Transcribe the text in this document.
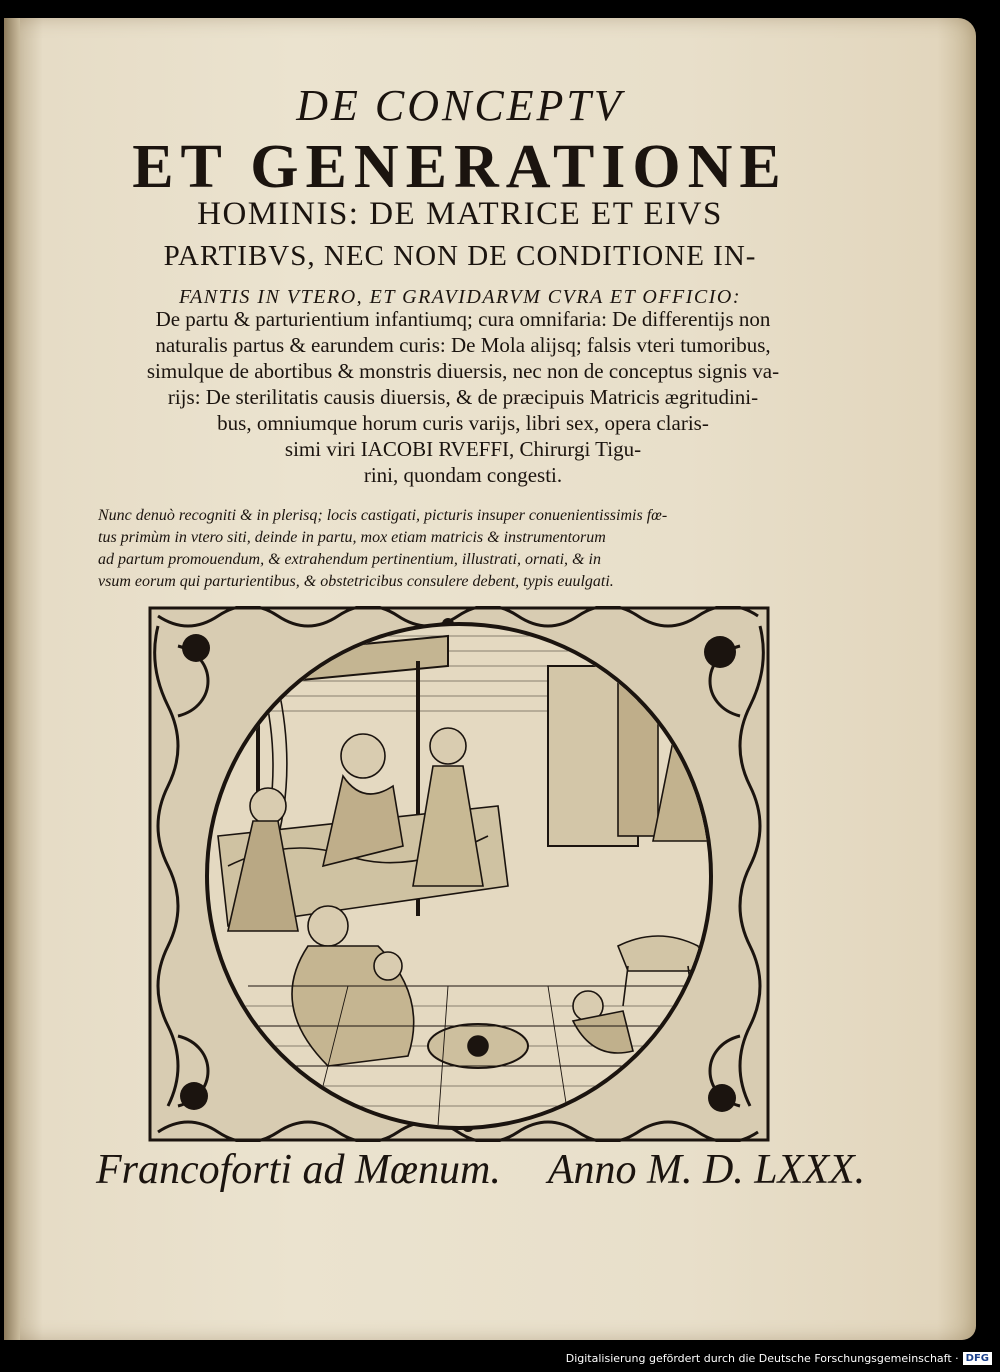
DE CONCEPTV
ET GENERATIONE
HOMINIS: DE MATRICE ET EIVS
PARTIBVS, NEC NON DE CONDITIONE IN-
FANTIS IN VTERO, ET GRAVIDARVM CVRA ET OFFICIO:
De partu & parturientium infantiumq; cura omnifaria: De differentijs non
naturalis partus & earundem curis: De Mola alijsq; falsis vteri tumoribus,
simulque de abortibus & monstris diuersis, nec non de conceptus signis va-
rijs: De sterilitatis causis diuersis, & de præcipuis Matricis ægritudini-
bus, omniumque horum curis varijs, libri sex, opera claris-
simi viri IACOBI RVEFFI, Chirurgi Tigu-
rini, quondam congesti.
Nunc denuò recogniti & in plerisq; locis castigati, picturis insuper conuenientissimis fœ-
tus primùm in vtero siti, deinde in partu, mox etiam matricis & instrumentorum
ad partum promouendum, & extrahendum pertinentium, illustrati, ornati, & in
vsum eorum qui parturientibus, & obstetricibus consulere debent, typis euulgati.
Francoforti ad Mœnum. Anno M. D. LXXX.
Digitalisierung gefördert durch die Deutsche Forschungsgemeinschaft · DFG
